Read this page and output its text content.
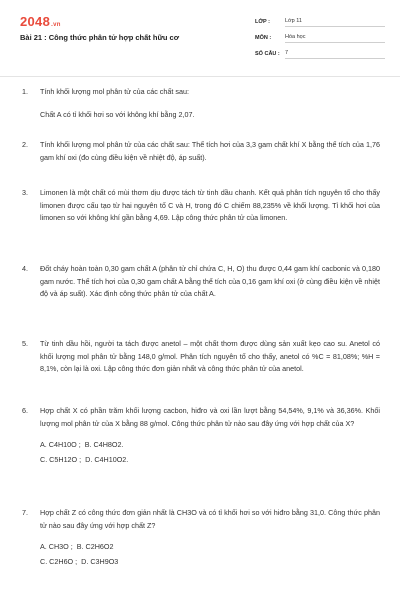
2048.vn
Bài 21 : Công thức phân tử hợp chất hữu cơ
LỚP :	Lớp 11
MÔN :	Hóa học
SỐ CÂU : 7
1.	Tính khối lượng mol phân tử của các chất sau:
Chất A có tỉ khối hơi so với không khí bằng 2,07.
2.	Tính khối lượng mol phân tử của các chất sau: Thể tích hơi của 3,3 gam chất khí X bằng thể tích của 1,76 gam khí oxi (đo cùng điều kiện về nhiệt độ, áp suất).
3.	Limonen là một chất có mùi thơm dịu được tách từ tinh dầu chanh. Kết quả phân tích nguyên tố cho thấy limonen được cấu tạo từ hai nguyên tố C và H, trong đó C chiếm 88,235% về khối lượng. Tỉ khối hơi của limonen so với không khí gần bằng 4,69. Lập công thức phân tử của limonen.
4.	Đốt cháy hoàn toàn 0,30 gam chất A (phân tử chỉ chứa C, H, O) thu được 0,44 gam khí cacbonic và 0,180 gam nước. Thể tích hơi của 0,30 gam chất A bằng thể tích của 0,16 gam khí oxi (ở cùng điều kiện về nhiệt độ và áp suất). Xác định công thức phân tử của chất A.
5.	Từ tinh dầu hồi, người ta tách được anetol – một chất thơm được dùng sản xuất kẹo cao su. Anetol có khối lượng mol phân tử bằng 148,0 g/mol. Phân tích nguyên tố cho thấy, anetol có %C = 81,08%; %H = 8,1%, còn lại là oxi. Lập công thức đơn giản nhất và công thức phân tử của anetol.
6.	Hợp chất X có phần trăm khối lượng cacbon, hiđro và oxi lần lượt bằng 54,54%, 9,1% và 36,36%. Khối lượng mol phân tử của X bằng 88 g/mol. Công thức phân tử nào sau đây ứng với hợp chất của X?
A. C4H10O ; B. C4H8O2.
C. C5H12O ; D. C4H10O2.
7.	Hợp chất Z có công thức đơn giản nhất là CH3O và có tỉ khối hơi so với hiđro bằng 31,0. Công thức phân tử nào sau đây ứng với hợp chất Z?
A. CH3O ; B. C2H6O2
C. C2H6O ; D. C3H9O3
